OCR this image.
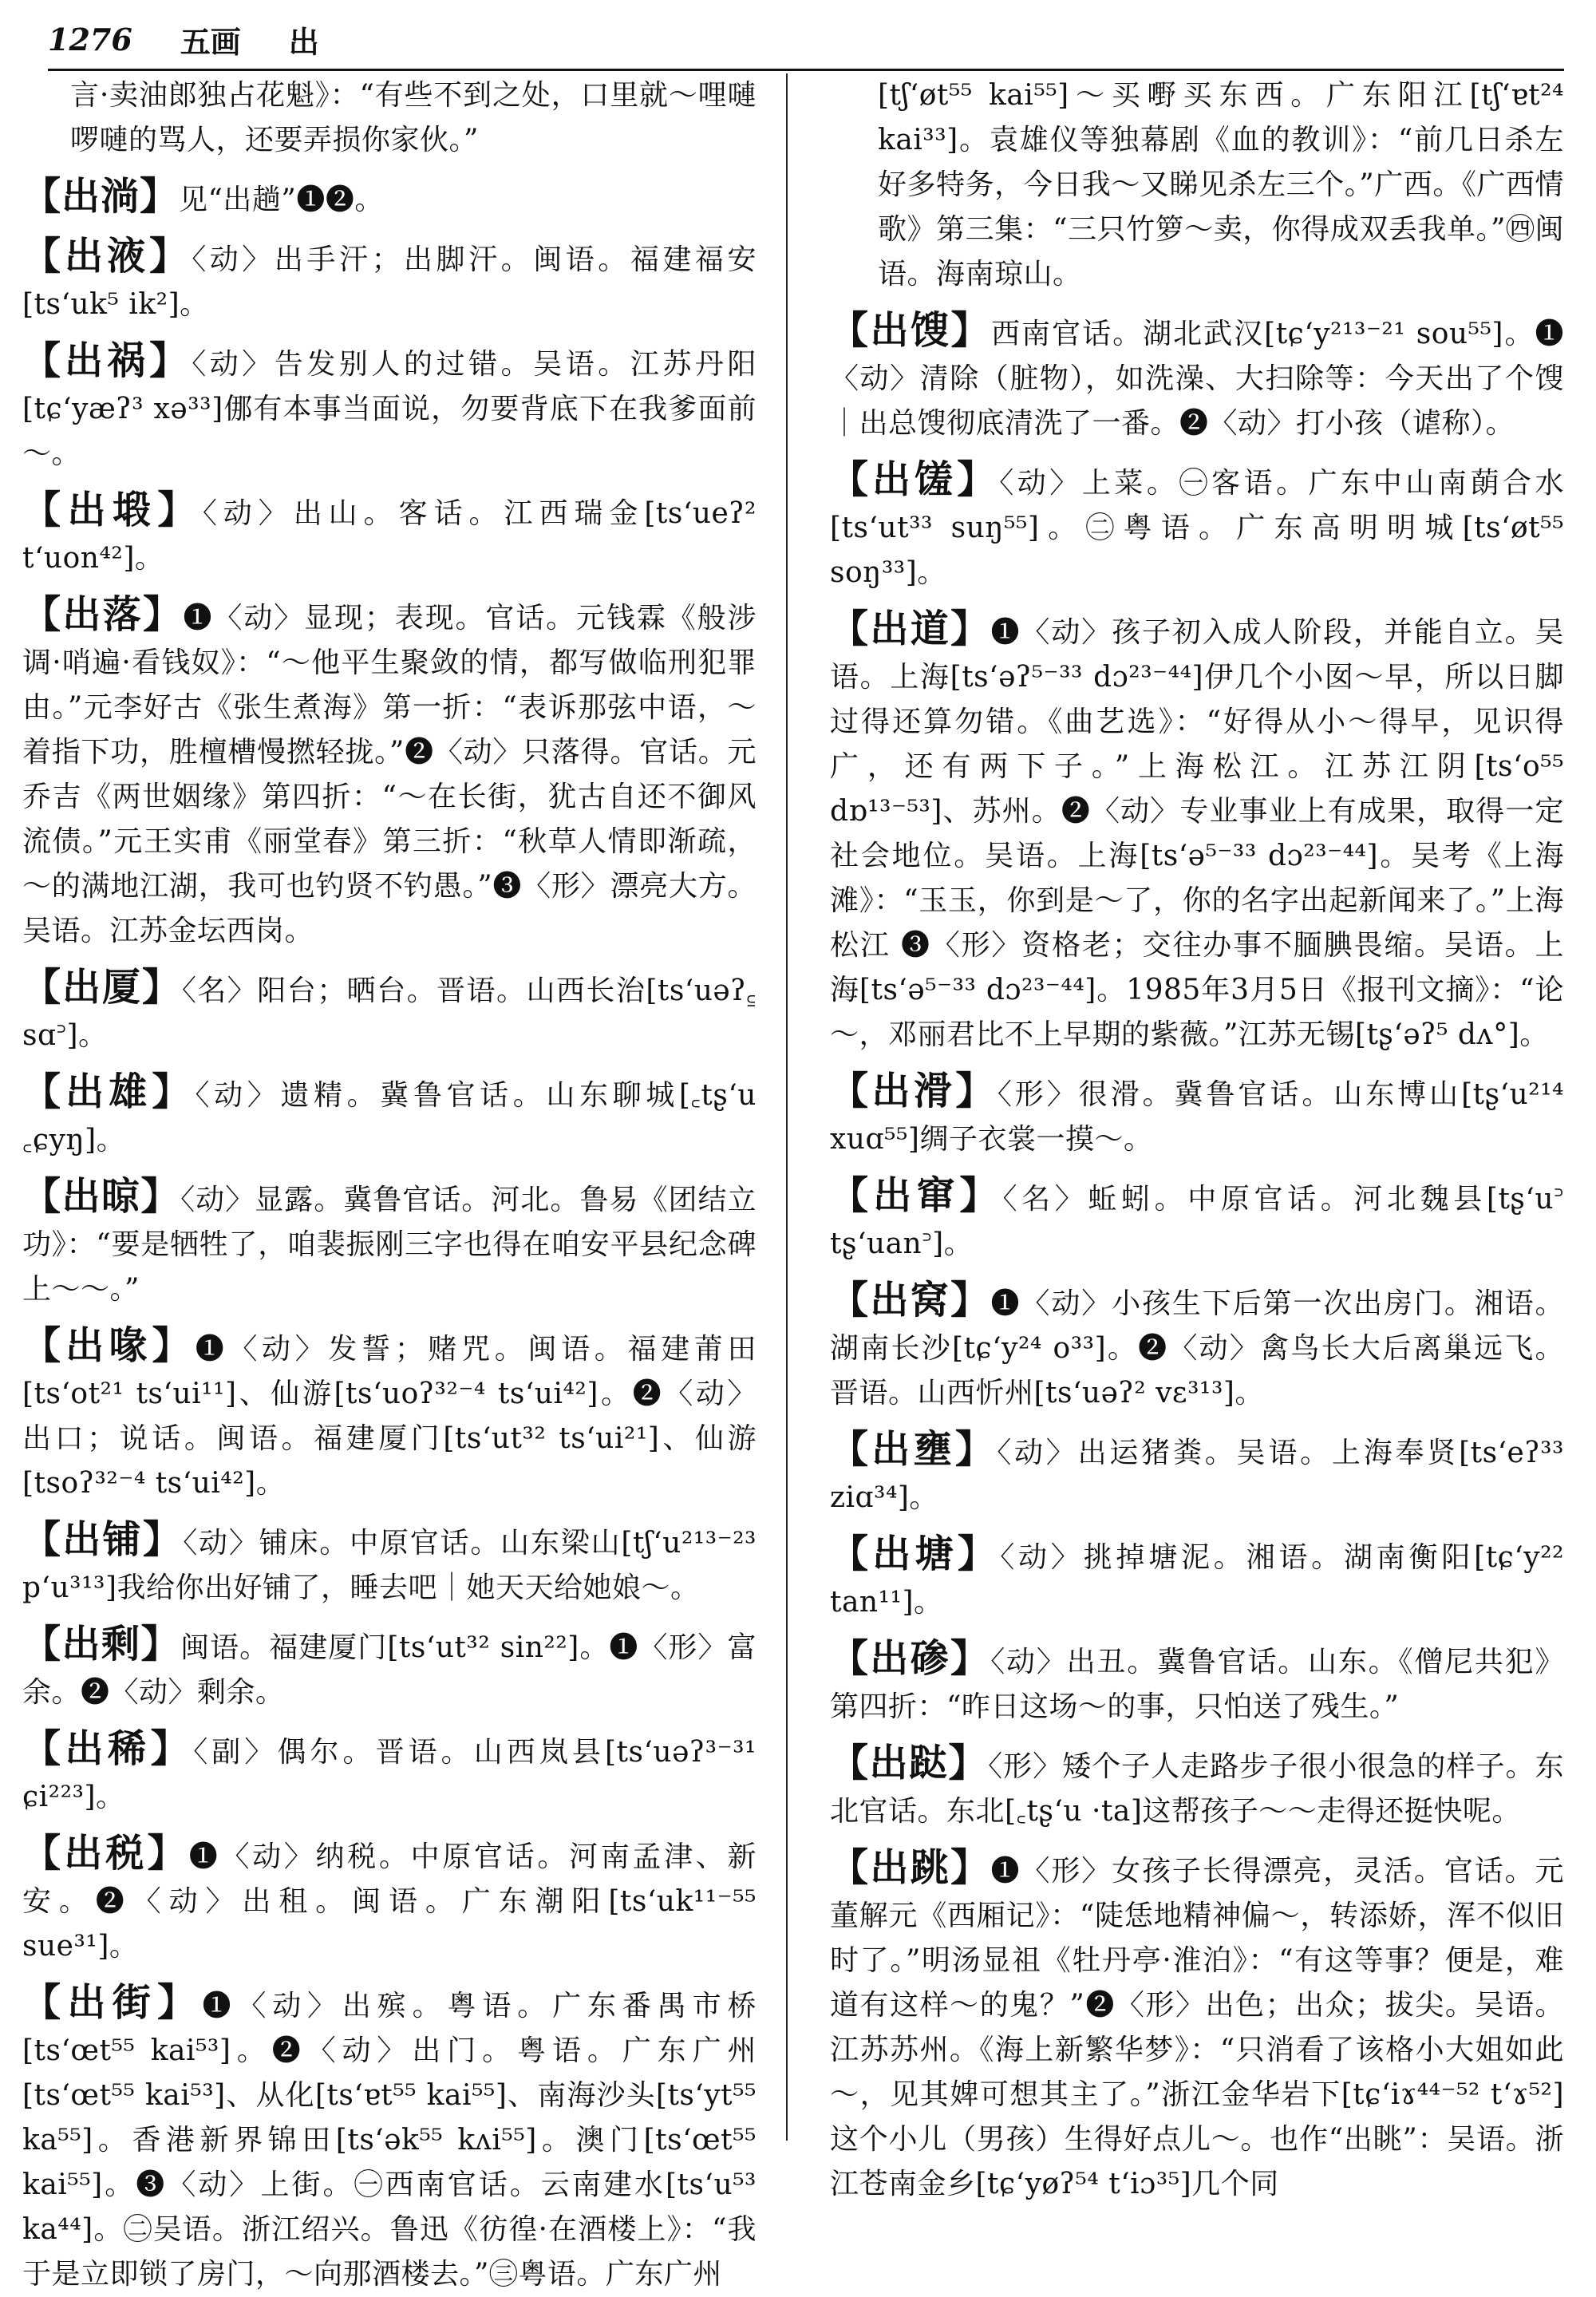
1276 五画 出

言·卖油郎独占花魁》：“有些不到之处，口里就～哩嗹啰嗹的骂人，还要弄损你家伙。”

【出淌】见“出趟”❶❷。

【出液】〈动〉出手汗；出脚汗。闽语。福建福安[ts‘uk⁵ ik²]。

【出祸】〈动〉告发别人的过错。吴语。江苏丹阳[tɕ‘yæʔ³ xə³³]㑚有本事当面说，勿要背底下在我爹面前～。

【出塅】〈动〉出山。客话。江西瑞金[ts‘ueʔ² t‘uon⁴²]。

【出落】❶〈动〉显现；表现。官话。元钱霖《般涉调·哨遍·看钱奴》：“～他平生聚敛的情，都写做临刑犯罪由。”元李好古《张生煮海》第一折：“表诉那弦中语，～着指下功，胜檀槽慢撚轻拢。”❷〈动〉只落得。官话。元乔吉《两世姻缘》第四折：“～在长街，犹古自还不御风流债。”元王实甫《丽堂春》第三折：“秋草人情即渐疏，～的满地江湖，我可也钓贤不钓愚。”❸〈形〉漂亮大方。吴语。江苏金坛西岗。

【出厦】〈名〉阳台；晒台。晋语。山西长治[ts‘uəʔ꜁ sɑ꜄]。

【出雄】〈动〉遗精。冀鲁官话。山东聊城[꜀tʂ‘u ꜀ɕyŋ]。

【出晾】〈动〉显露。冀鲁官话。河北。鲁易《团结立功》：“要是牺牲了，咱裴振刚三字也得在咱安平县纪念碑上～～。”

【出喙】❶〈动〉发誓；赌咒。闽语。福建莆田[ts‘ot²¹ ts‘ui¹¹]、仙游[ts‘uoʔ³²⁻⁴ ts‘ui⁴²]。❷〈动〉出口；说话。闽语。福建厦门[ts‘ut³² ts‘ui²¹]、仙游[tsoʔ³²⁻⁴ ts‘ui⁴²]。

【出铺】〈动〉铺床。中原官话。山东梁山[tʃ‘u²¹³⁻²³ p‘u³¹³]我给你出好铺了，睡去吧｜她天天给她娘～。

【出剩】闽语。福建厦门[ts‘ut³² sin²²]。❶〈形〉富余。❷〈动〉剩余。

【出稀】〈副〉偶尔。晋语。山西岚县[ts‘uəʔ³⁻³¹ ɕi²²³]。

【出税】❶〈动〉纳税。中原官话。河南孟津、新安。❷〈动〉出租。闽语。广东潮阳[ts‘uk¹¹⁻⁵⁵ sue³¹]。

【出街】❶〈动〉出殡。粤语。广东番禺市桥[ts‘œt⁵⁵ kai⁵³]。❷〈动〉出门。粤语。广东广州[ts‘œt⁵⁵ kai⁵³]、从化[ts‘ɐt⁵⁵ kai⁵⁵]、南海沙头[ts‘yt⁵⁵ ka⁵⁵]。香港新界锦田[ts‘ək⁵⁵ kʌi⁵⁵]。澳门[ts‘œt⁵⁵ kai⁵⁵]。❸〈动〉上街。㊀西南官话。云南建水[ts‘u⁵³ ka⁴⁴]。㊁吴语。浙江绍兴。鲁迅《彷徨·在酒楼上》：“我于是立即锁了房门，～向那酒楼去。”㊂粤语。广东广州

[tʃ‘øt⁵⁵ kai⁵⁵]～买嘢买东西。广东阳江[tʃ‘ɐt²⁴ kai³³]。袁雄仪等独幕剧《血的教训》：“前几日杀左好多特务，今日我～又睇见杀左三个。”广西。《广西情歌》第三集：“三只竹箩～卖，你得成双丢我单。”㊃闽语。海南琼山。

【出馊】西南官话。湖北武汉[tɕ‘y²¹³⁻²¹ sou⁵⁵]。❶〈动〉清除（脏物），如洗澡、大扫除等：今天出了个馊｜出总馊彻底清洗了一番。❷〈动〉打小孩（谑称）。

【出馐】〈动〉上菜。㊀客语。广东中山南蓢合水[ts‘ut³³ suŋ⁵⁵]。㊁粤语。广东高明明城[ts‘øt⁵⁵ soŋ³³]。

【出道】❶〈动〉孩子初入成人阶段，并能自立。吴语。上海[ts‘əʔ⁵⁻³³ dɔ²³⁻⁴⁴]伊几个小囡～早，所以日脚过得还算勿错。《曲艺选》：“好得从小～得早，见识得广，还有两下子。”上海松江。江苏江阴[ts‘o⁵⁵ dɒ¹³⁻⁵³]、苏州。❷〈动〉专业事业上有成果，取得一定社会地位。吴语。上海[ts‘ə⁵⁻³³ dɔ²³⁻⁴⁴]。吴考《上海滩》：“玉玉，你到是～了，你的名字出起新闻来了。”上海松江 ❸〈形〉资格老；交往办事不腼腆畏缩。吴语。上海[ts‘ə⁵⁻³³ dɔ²³⁻⁴⁴]。1985年3月5日《报刊文摘》：“论～，邓丽君比不上早期的紫薇。”江苏无锡[tʂ‘əʔ⁵ dʌ°]。

【出滑】〈形〉很滑。冀鲁官话。山东博山[tʂ‘u²¹⁴ xuɑ⁵⁵]绸子衣裳一摸～。

【出窜】〈名〉蚯蚓。中原官话。河北魏县[tʂ‘u꜄ tʂ‘uan꜄]。

【出窝】❶〈动〉小孩生下后第一次出房门。湘语。湖南长沙[tɕ‘y²⁴ o³³]。❷〈动〉禽鸟长大后离巢远飞。晋语。山西忻州[ts‘uəʔ² vɛ³¹³]。

【出壅】〈动〉出运猪粪。吴语。上海奉贤[ts‘eʔ³³ ziɑ³⁴]。

【出塘】〈动〉挑掉塘泥。湘语。湖南衡阳[tɕ‘y²² tan¹¹]。

【出碜】〈动〉出丑。冀鲁官话。山东。《僧尼共犯》第四折：“昨日这场～的事，只怕送了残生。”

【出跶】〈形〉矮个子人走路步子很小很急的样子。东北官话。东北[꜀tʂ‘u ·ta]这帮孩子～～走得还挺快呢。

【出跳】❶〈形〉女孩子长得漂亮，灵活。官话。元董解元《西厢记》：“陡恁地精神偏～，转添娇，浑不似旧时了。”明汤显祖《牡丹亭·淮泊》：“有这等事？便是，难道有这样～的鬼？”❷〈形〉出色；出众；拔尖。吴语。江苏苏州。《海上新繁华梦》：“只消看了该格小大姐如此～，见其婢可想其主了。”浙江金华岩下[tɕ‘iɤ⁴⁴⁻⁵² t‘ɤ⁵²]这个小儿（男孩）生得好点儿～。也作“出眺”：吴语。浙江苍南金乡[tɕ‘yøʔ⁵⁴ t‘iɔ³⁵]几个同
